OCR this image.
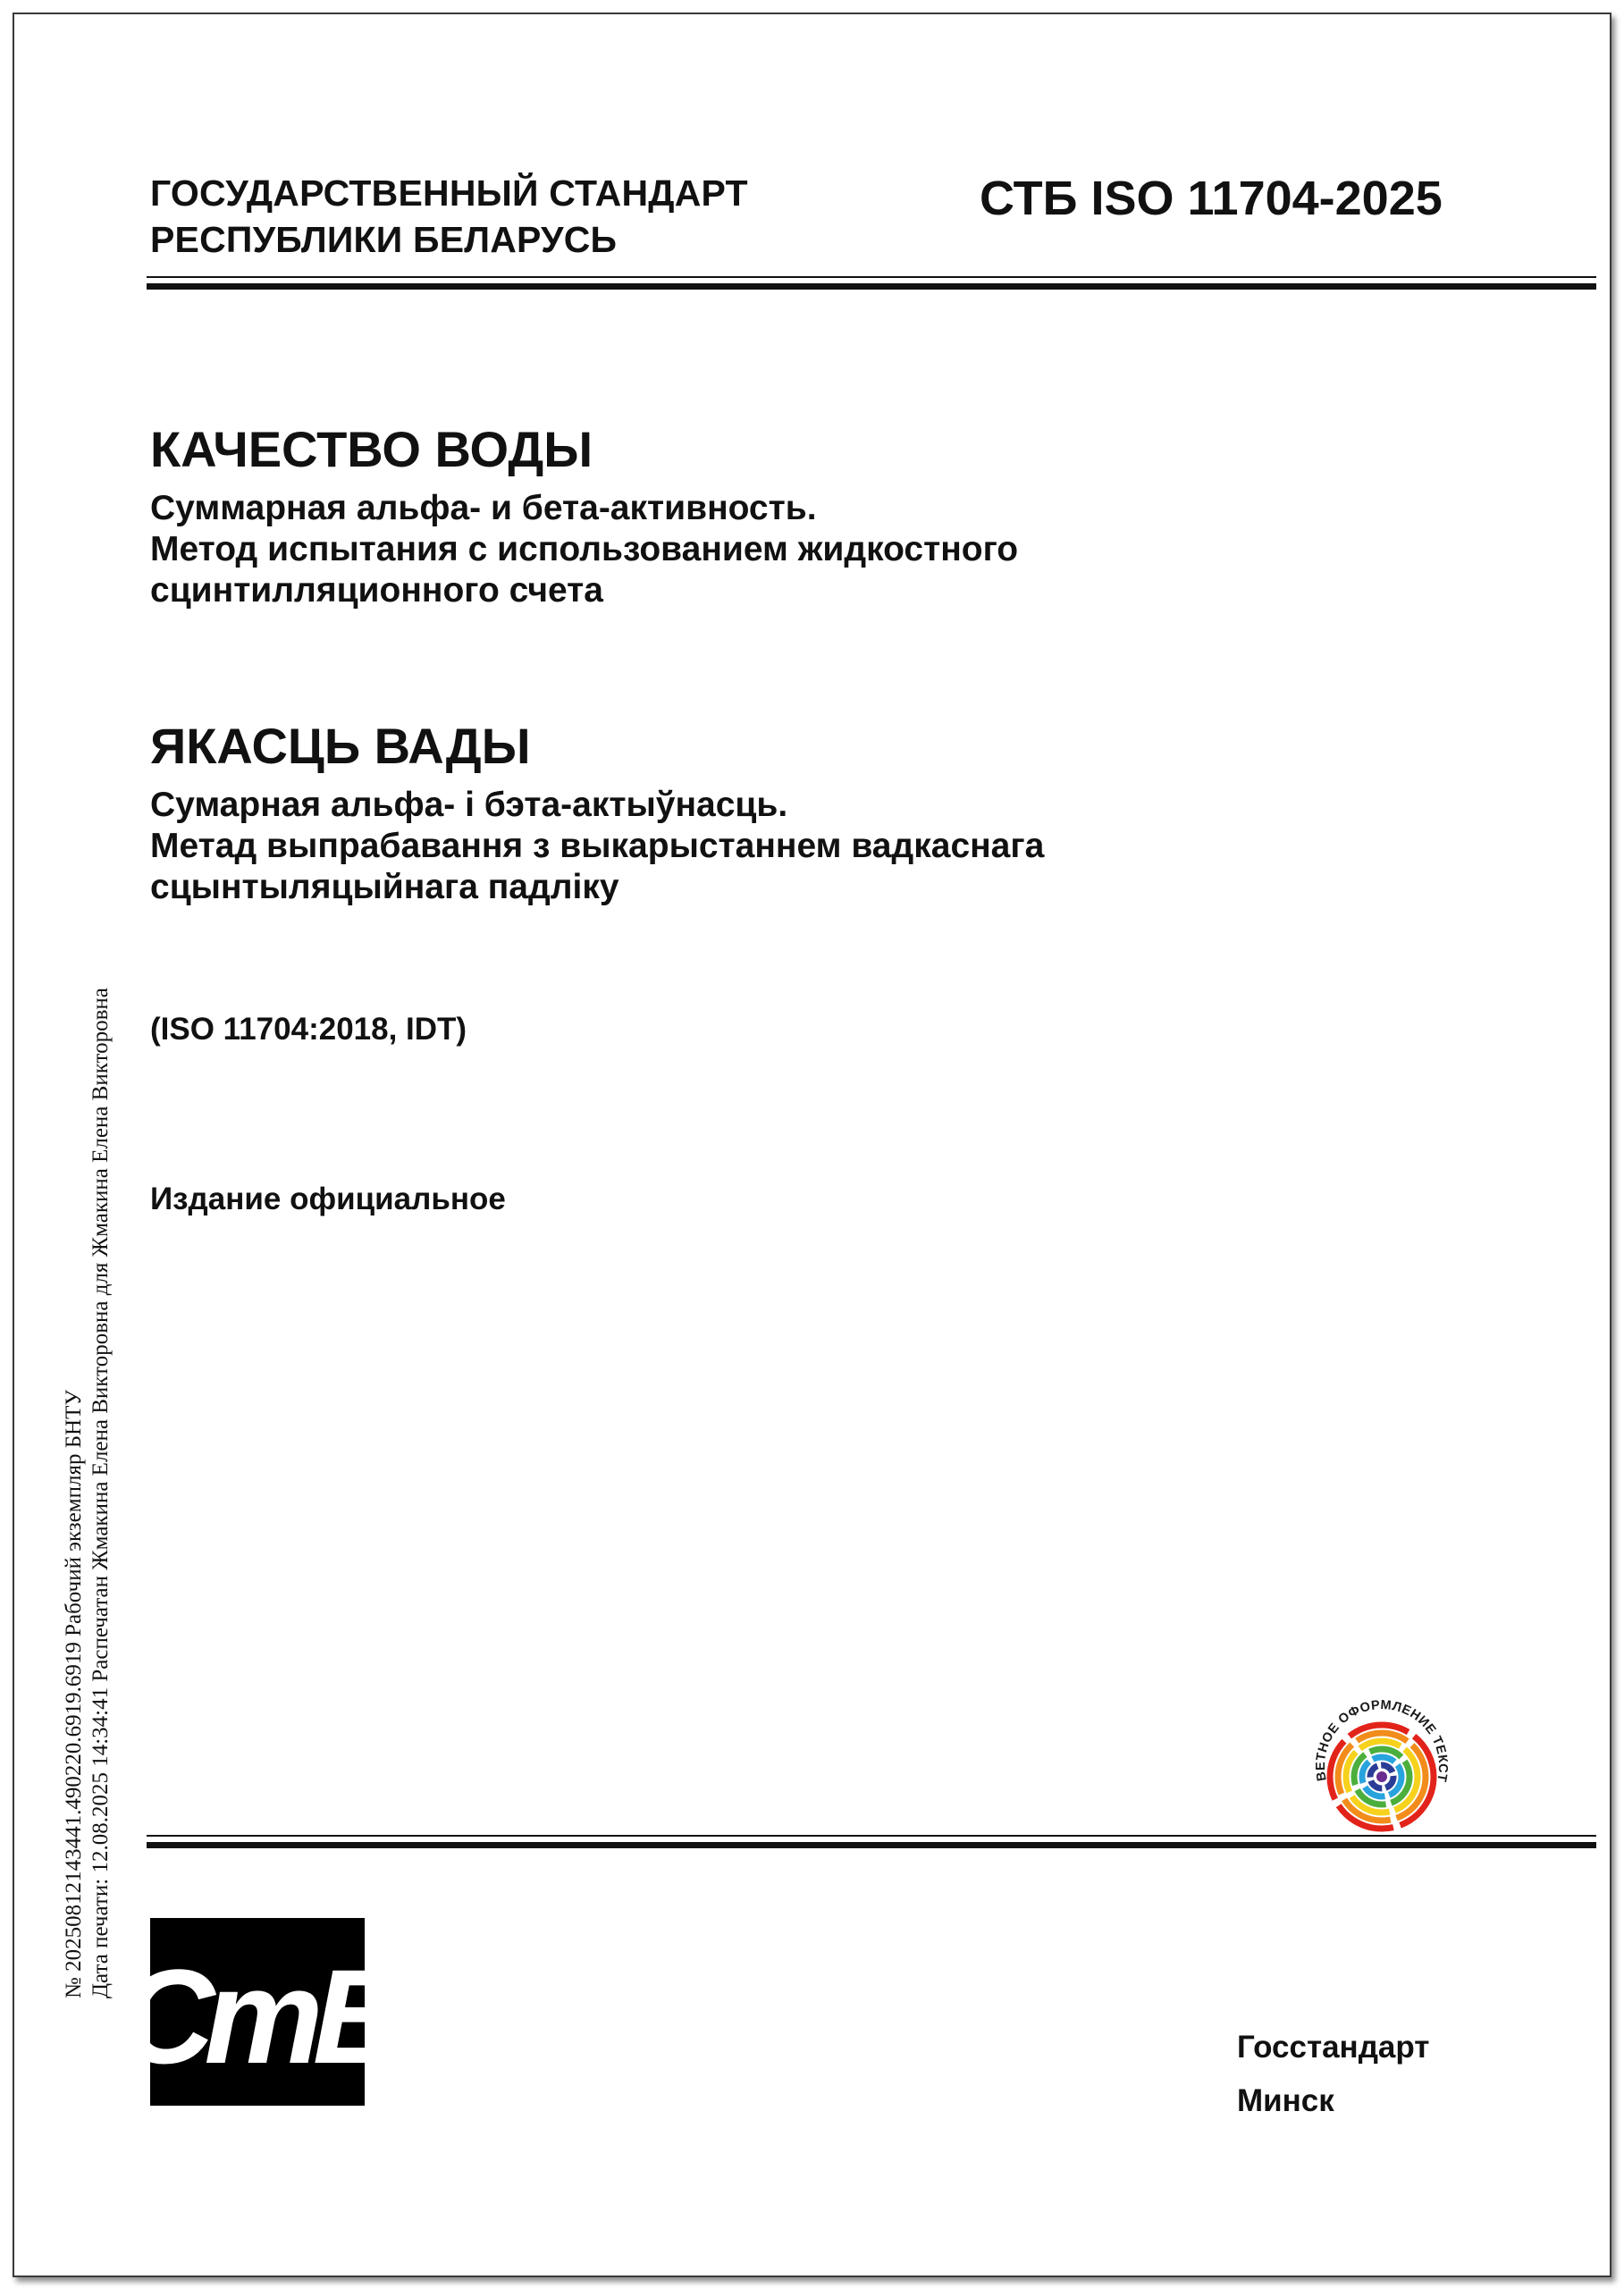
ГОСУДАРСТВЕННЫЙ СТАНДАРТ
РЕСПУБЛИКИ БЕЛАРУСЬ
СТБ ISO 11704-2025
КАЧЕСТВО ВОДЫ
Суммарная альфа- и бета-активность.
Метод испытания с использованием жидкостного
сцинтилляционного счета
ЯКАСЦЬ ВАДЫ
Сумарная альфа- і бэта-актыўнасць.
Метад выпрабавання з выкарыстаннем вадкаснага
сцынтыляцыйнага падліку
(ISO 11704:2018, IDT)
Издание официальное
№ 20250812143441.490220.6919.6919 Рабочий экземпляр БНТУ Дата печати: 12.08.2025 14:34:41 Распечатан Жмакина Елена Викторовна для Жмакина Елена Викторовна	ВЕТНОЕ ОФОРМЛЕНИЕ ТЕКСТ
СтБ	Госстандарт
Минск
